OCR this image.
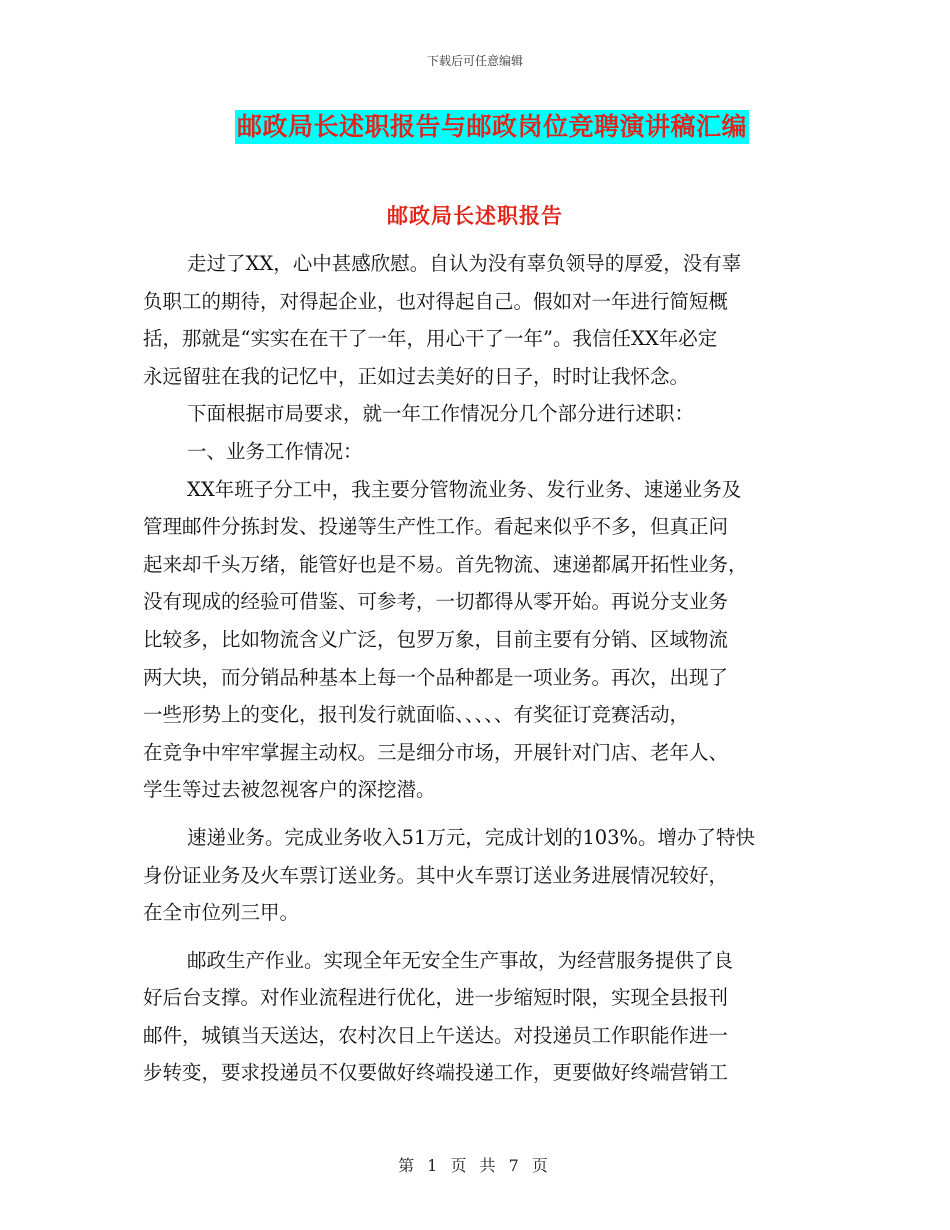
下载后可任意编辑
邮政局长述职报告与邮政岗位竞聘演讲稿汇编
邮政局长述职报告

走过了XX，心中甚感欣慰。自认为没有辜负领导的厚爱，没有辜
负职工的期待，对得起企业，也对得起自己。假如对一年进行简短概
括，那就是“实实在在干了一年，用心干了一年”。我信任XX年必定
永远留驻在我的记忆中，正如过去美好的日子，时时让我怀念。

下面根据市局要求，就一年工作情况分几个部分进行述职：

一、业务工作情况：

XX年班子分工中，我主要分管物流业务、发行业务、速递业务及
管理邮件分拣封发、投递等生产性工作。看起来似乎不多，但真正问
起来却千头万绪，能管好也是不易。首先物流、速递都属开拓性业务，
没有现成的经验可借鉴、可参考，一切都得从零开始。再说分支业务
比较多，比如物流含义广泛，包罗万象，目前主要有分销、区域物流
两大块，而分销品种基本上每一个品种都是一项业务。再次，出现了
一些形势上的变化，报刊发行就面临、、、、、有奖征订竞赛活动，
在竞争中牢牢掌握主动权。三是细分市场，开展针对门店、老年人、
学生等过去被忽视客户的深挖潜。

速递业务。完成业务收入51万元，完成计划的103%。增办了特快
身份证业务及火车票订送业务。其中火车票订送业务进展情况较好，
在全市位列三甲。

邮政生产作业。实现全年无安全生产事故，为经营服务提供了良
好后台支撑。对作业流程进行优化，进一步缩短时限，实现全县报刊
邮件，城镇当天送达，农村次日上午送达。对投递员工作职能作进一
步转变，要求投递员不仅要做好终端投递工作，更要做好终端营销工

第 1 页 共 7 页
